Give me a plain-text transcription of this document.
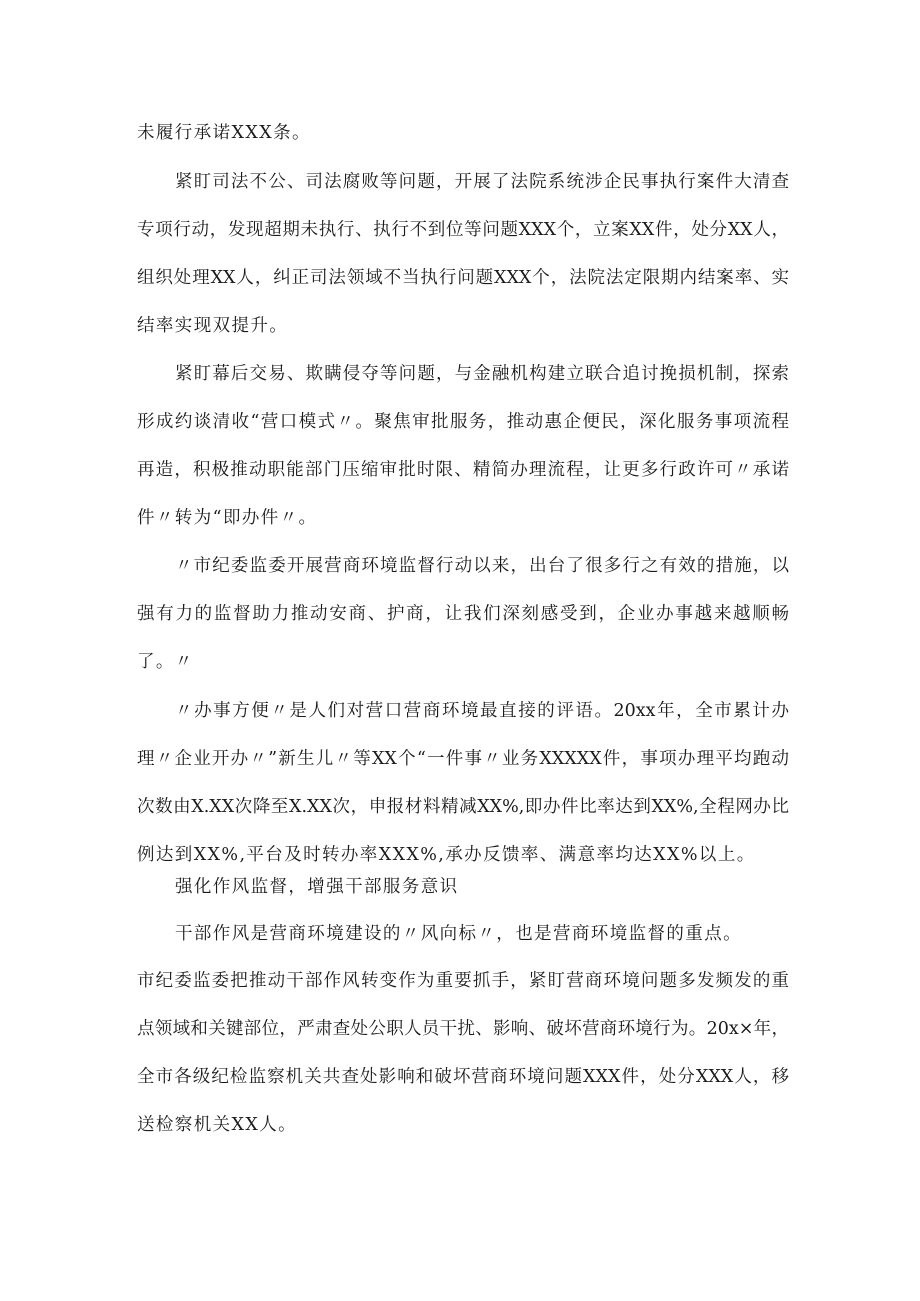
未履行承诺XXX条。
紧盯司法不公、司法腐败等问题，开展了法院系统涉企民事执行案件大清查
专项行动，发现超期未执行、执行不到位等问题XXX个，立案XX件，处分XX人，
组织处理XX人，纠正司法领域不当执行问题XXX个，法院法定限期内结案率、实
结率实现双提升。
紧盯幕后交易、欺瞒侵夺等问题，与金融机构建立联合追讨挽损机制，探索
形成约谈清收“营口模式〃。聚焦审批服务，推动惠企便民，深化服务事项流程
再造，积极推动职能部门压缩审批时限、精简办理流程，让更多行政许可〃承诺
件〃转为“即办件〃。
〃市纪委监委开展营商环境监督行动以来，出台了很多行之有效的措施，以
强有力的监督助力推动安商、护商，让我们深刻感受到，企业办事越来越顺畅
了。〃
〃办事方便〃是人们对营口营商环境最直接的评语。20xx年，全市累计办
理〃企业开办〃”新生儿〃等XX个“一件事〃业务XXXXX件，事项办理平均跑动
次数由X.XX次降至X.XX次，申报材料精减XX%,即办件比率达到XX%,全程网办比
例达到XX%,平台及时转办率XXX%,承办反馈率、满意率均达XX%以上。
强化作风监督，增强干部服务意识
干部作风是营商环境建设的〃风向标〃，也是营商环境监督的重点。
市纪委监委把推动干部作风转变作为重要抓手，紧盯营商环境问题多发频发的重
点领域和关键部位，严肃查处公职人员干扰、影响、破坏营商环境行为。20x×年，
全市各级纪检监察机关共查处影响和破坏营商环境问题XXX件，处分XXX人，移
送检察机关XX人。
